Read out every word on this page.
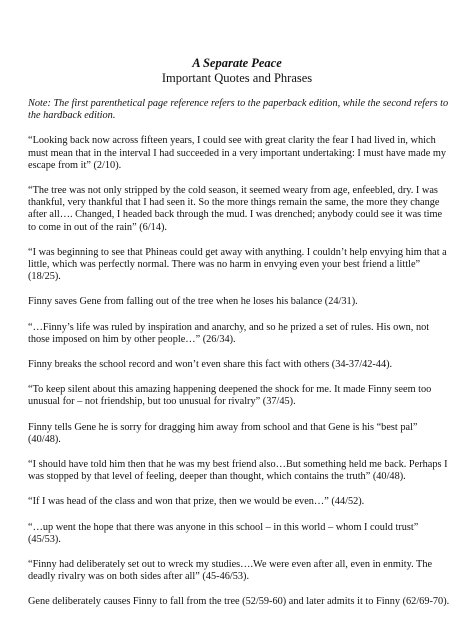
A Separate Peace
Important Quotes and Phrases

Note: The first parenthetical page reference refers to the paperback edition, while the second refers to the hardback edition.

“Looking back now across fifteen years, I could see with great clarity the fear I had lived in, which must mean that in the interval I had succeeded in a very important undertaking: I must have made my escape from it” (2/10).

“The tree was not only stripped by the cold season, it seemed weary from age, enfeebled, dry. I was thankful, very thankful that I had seen it. So the more things remain the same, the more they change after all…. Changed, I headed back through the mud. I was drenched; anybody could see it was time to come in out of the rain” (6/14).

“I was beginning to see that Phineas could get away with anything. I couldn’t help envying him that a little, which was perfectly normal. There was no harm in envying even your best friend a little” (18/25).

Finny saves Gene from falling out of the tree when he loses his balance (24/31).

“…Finny’s life was ruled by inspiration and anarchy, and so he prized a set of rules. His own, not those imposed on him by other people…” (26/34).

Finny breaks the school record and won’t even share this fact with others (34-37/42-44).

“To keep silent about this amazing happening deepened the shock for me. It made Finny seem too unusual for – not friendship, but too unusual for rivalry” (37/45).

Finny tells Gene he is sorry for dragging him away from school and that Gene is his “best pal” (40/48).

“I should have told him then that he was my best friend also…But something held me back. Perhaps I was stopped by that level of feeling, deeper than thought, which contains the truth” (40/48).

“If I was head of the class and won that prize, then we would be even…” (44/52).

“…up went the hope that there was anyone in this school – in this world – whom I could trust” (45/53).

“Finny had deliberately set out to wreck my studies….We were even after all, even in enmity. The deadly rivalry was on both sides after all” (45-46/53).

Gene deliberately causes Finny to fall from the tree (52/59-60) and later admits it to Finny (62/69-70).
